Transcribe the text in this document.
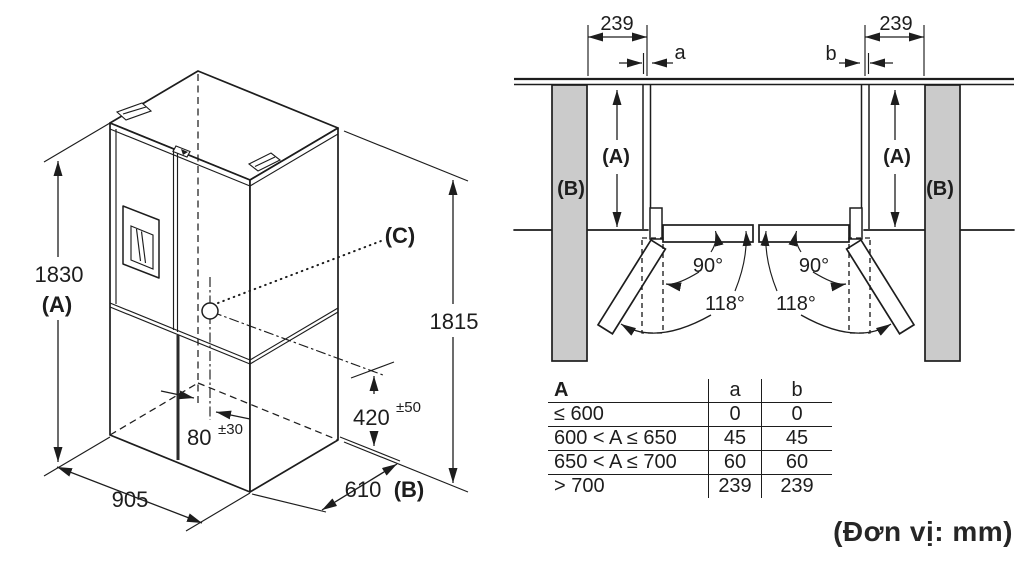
1830
(A)
1815
905	610 (B)
(C)
420 ±50
80 ±30
239	239
a	b
(A)	(A)
(B)	(B)
90°	90°
118° 118°
A	a	b
≤ 600	0	0
600 < A ≤ 650	45	45
650 < A ≤ 700	60	60
> 700	239	239
(Đơn vị: mm)
